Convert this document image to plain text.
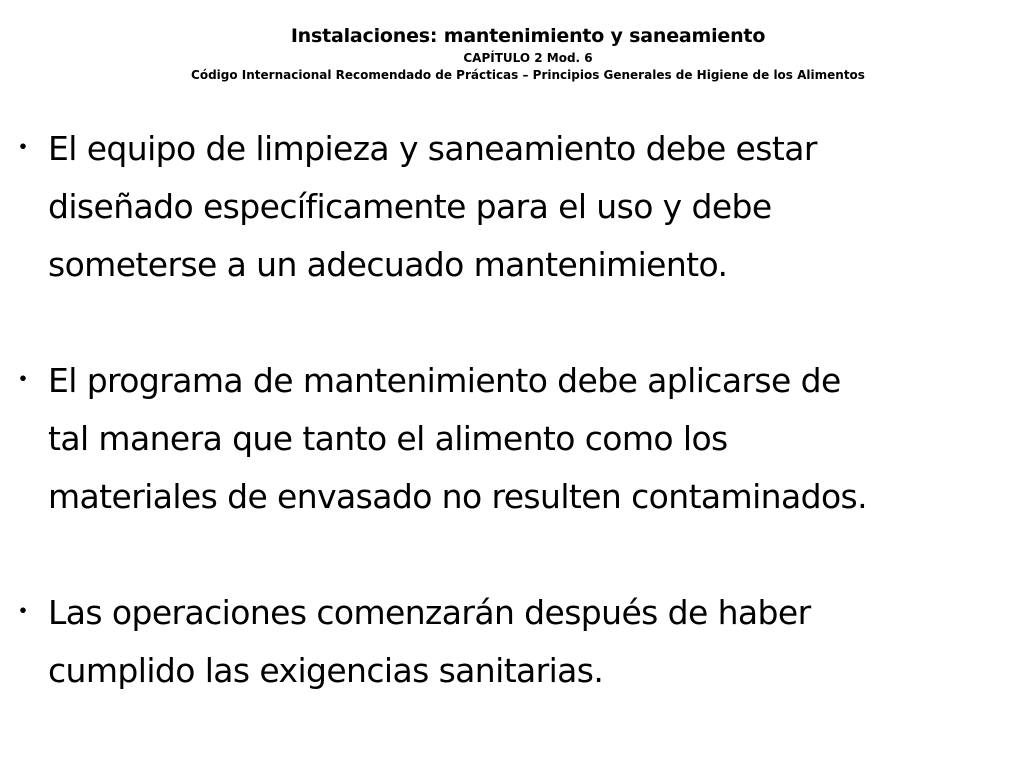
Instalaciones: mantenimiento y saneamiento
CAPÍTULO 2 Mod. 6
Código Internacional Recomendado de Prácticas – Principios Generales de Higiene de los Alimentos
・ El equipo de limpieza y saneamiento debe estar
diseñado específicamente para el uso y debe
someterse a un adecuado mantenimiento.
・ El programa de mantenimiento debe aplicarse de
tal manera que tanto el alimento como los
materiales de envasado no resulten contaminados.
・ Las operaciones comenzarán después de haber
cumplido las exigencias sanitarias.
